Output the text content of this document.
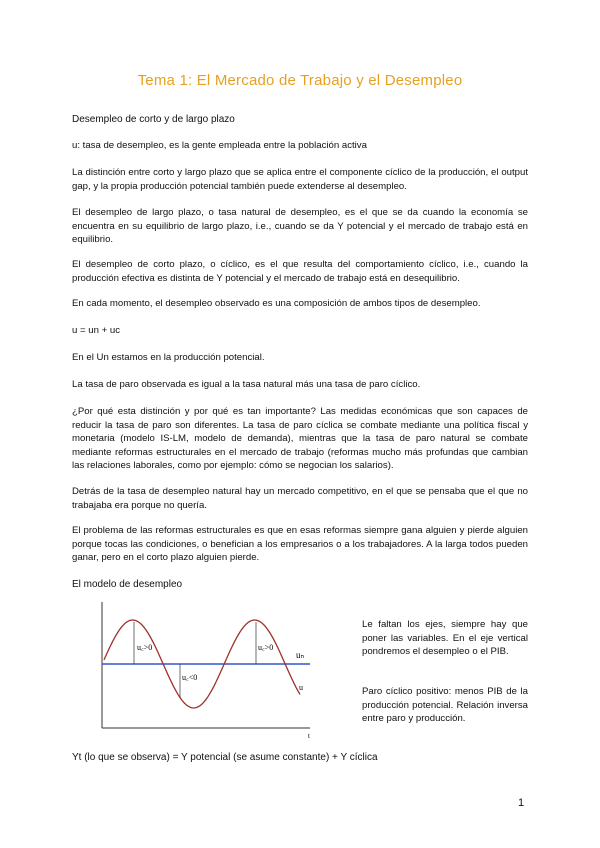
Tema 1: El Mercado de Trabajo y el Desempleo

Desempleo de corto y de largo plazo

u: tasa de desempleo, es la gente empleada entre la población activa

La distinción entre corto y largo plazo que se aplica entre el componente cíclico de la producción, el output gap, y la propia producción potencial también puede extenderse al desempleo.

El desempleo de largo plazo, o tasa natural de desempleo, es el que se da cuando la economía se encuentra en su equilibrio de largo plazo, i.e., cuando se da Y potencial y el mercado de trabajo está en equilibrio.

El desempleo de corto plazo, o cíclico, es el que resulta del comportamiento cíclico, i.e., cuando la producción efectiva es distinta de Y potencial y el mercado de trabajo está en desequilibrio.

En cada momento, el desempleo observado es una composición de ambos tipos de desempleo.

u = un + uc

En el Un estamos en la producción potencial.

La tasa de paro observada es igual a la tasa natural más una tasa de paro cíclico.

¿Por qué esta distinción y por qué es tan importante? Las medidas económicas que son capaces de reducir la tasa de paro son diferentes. La tasa de paro cíclica se combate mediante una política fiscal y monetaria (modelo IS-LM, modelo de demanda), mientras que la tasa de paro natural se combate mediante reformas estructurales en el mercado de trabajo (reformas mucho más profundas que cambian las relaciones laborales, como por ejemplo: cómo se negocian los salarios).

Detrás de la tasa de desempleo natural hay un mercado competitivo, en el que se pensaba que el que no trabajaba era porque no quería.

El problema de las reformas estructurales es que en esas reformas siempre gana alguien y pierde alguien porque tocas las condiciones, o benefician a los empresarios o a los trabajadores. A la larga todos pueden ganar, pero en el corto plazo alguien pierde.

El modelo de desempleo

u꜀>0
u꜀<0
u꜀>0
uₙ
u
t

Le faltan los ejes, siempre hay que poner las variables. En el eje vertical pondremos el desempleo o el PIB.

Paro cíclico positivo: menos PIB de la producción potencial. Relación inversa entre paro y producción.

Yt (lo que se observa) = Y potencial (se asume constante) + Y cíclica

1
